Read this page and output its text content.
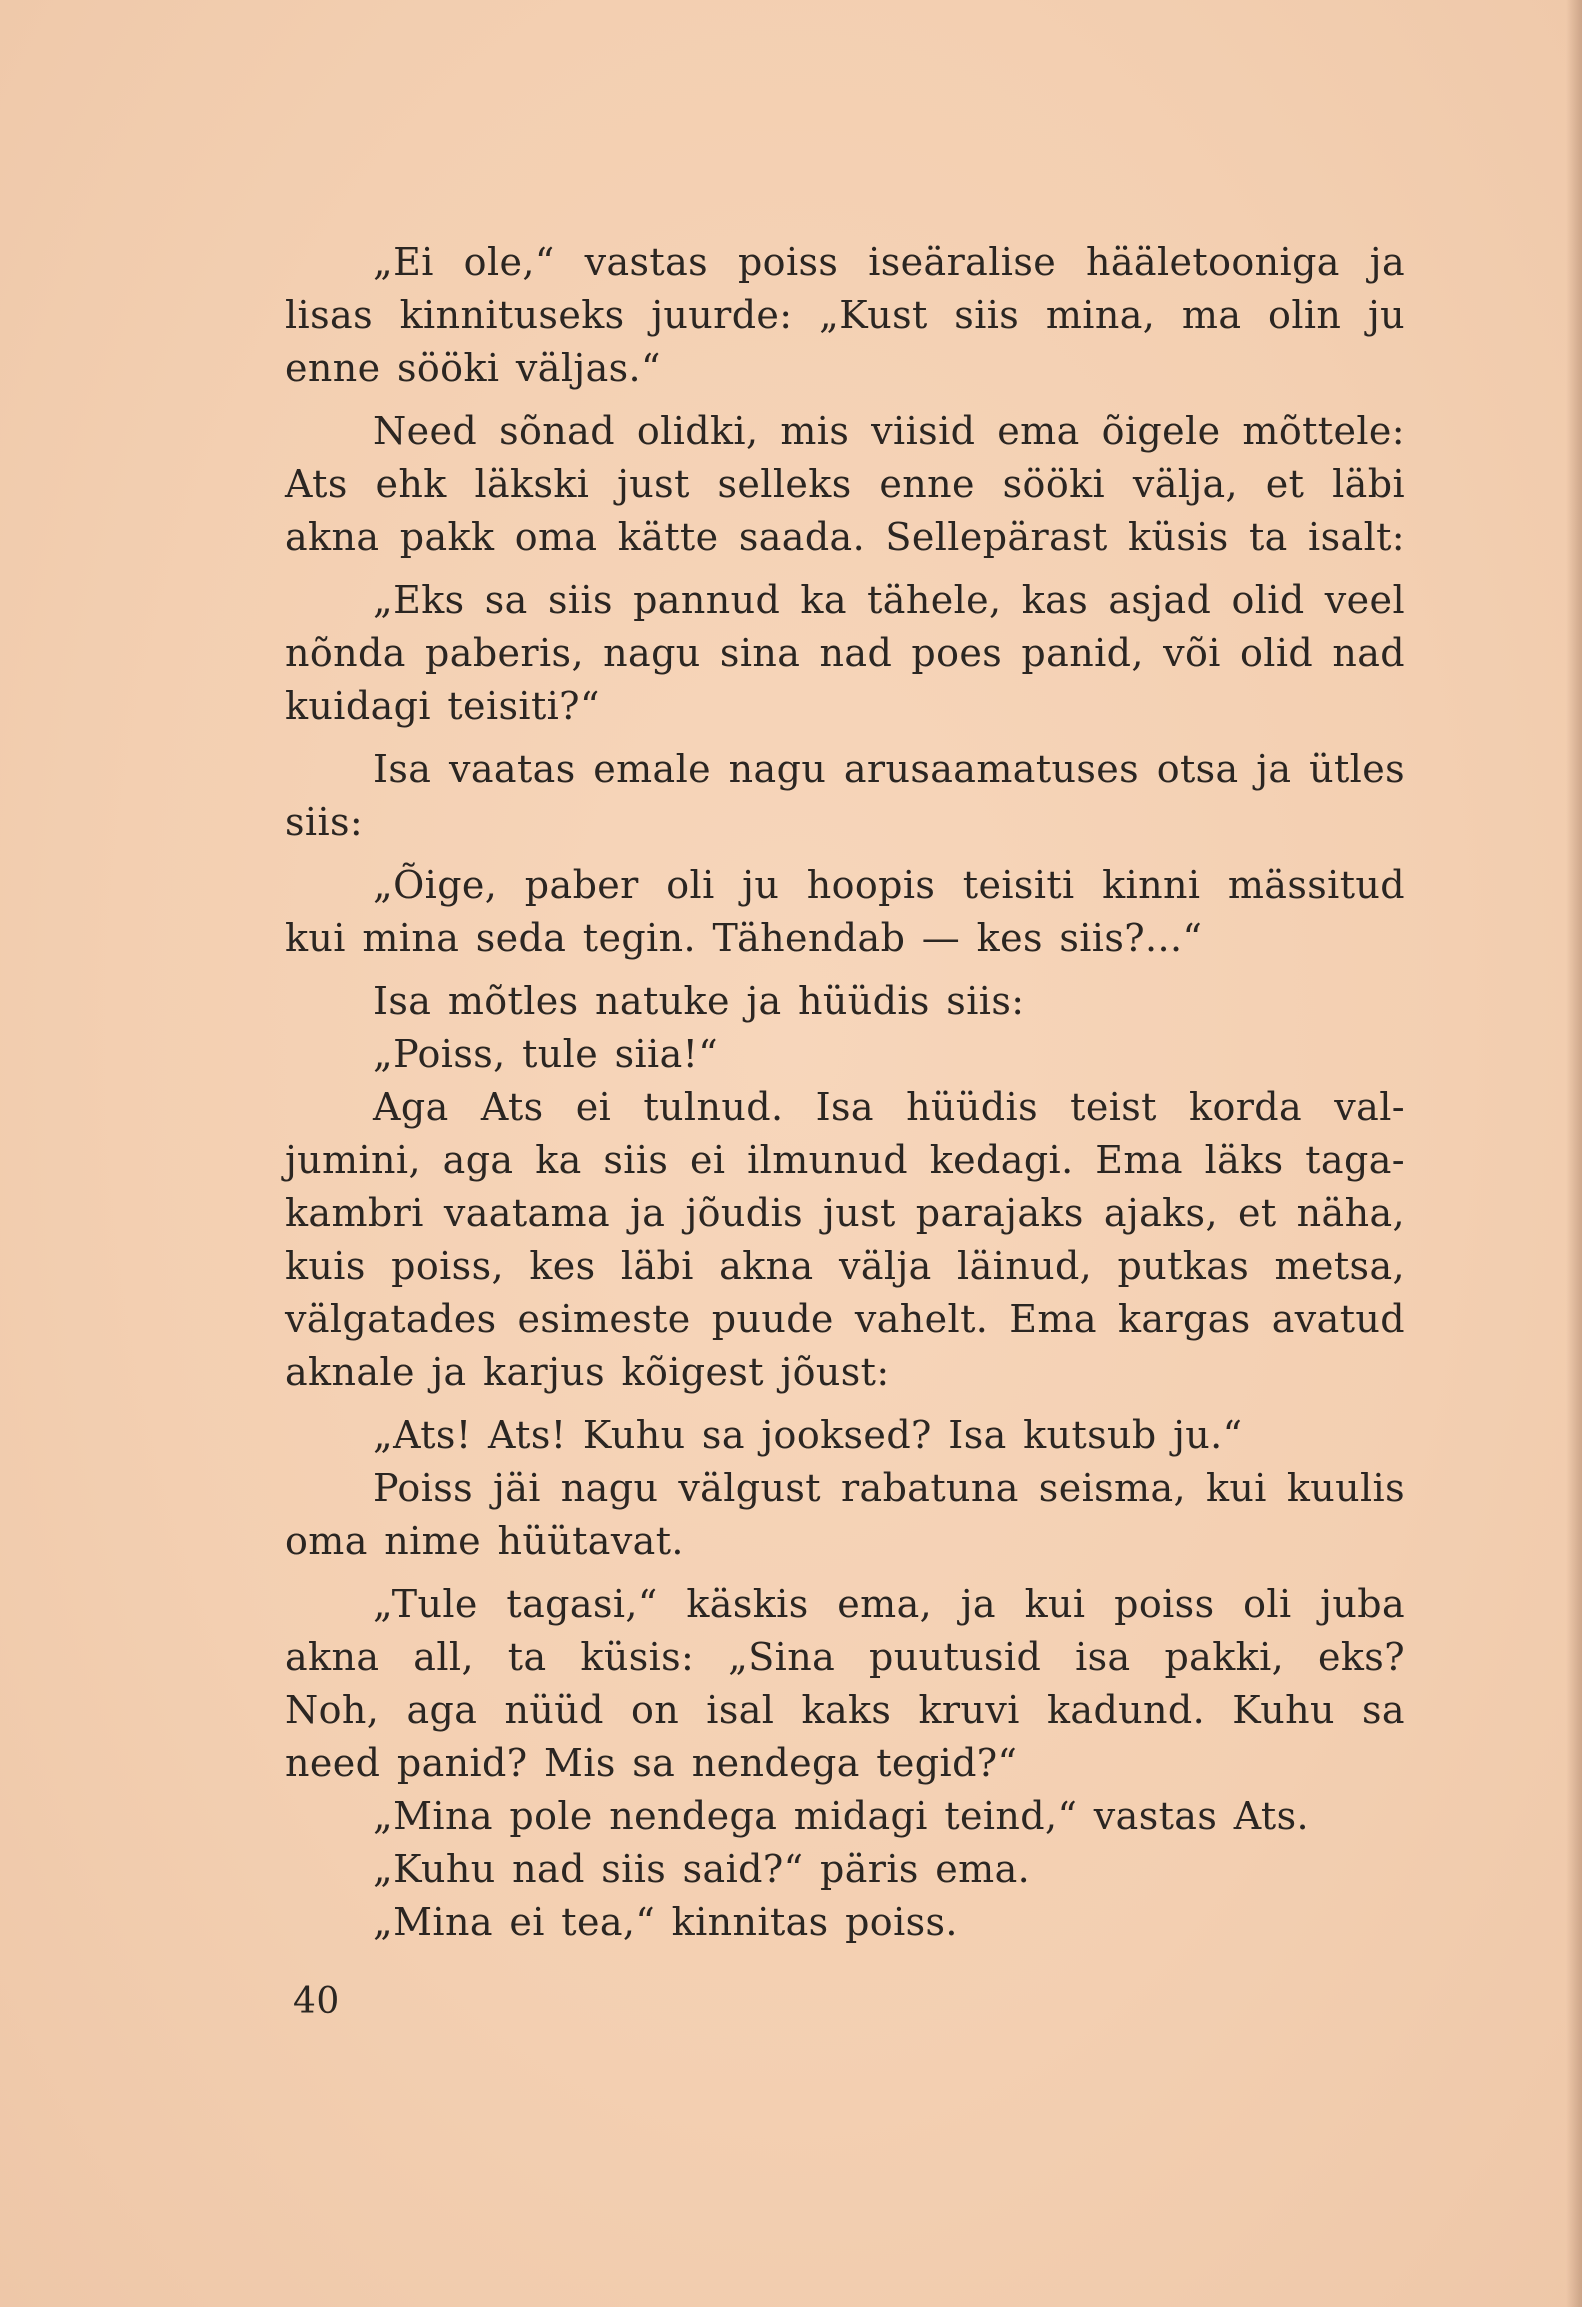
„Ei ole,“ vastas poiss iseäralise hääletooniga ja
lisas kinnituseks juurde: „Kust siis mina, ma olin ju
enne sööki väljas.“
Need sõnad olidki, mis viisid ema õigele mõttele:
Ats ehk läkski just selleks enne sööki välja, et läbi
akna pakk oma kätte saada. Sellepärast küsis ta isalt:
„Eks sa siis pannud ka tähele, kas asjad olid veel
nõnda paberis, nagu sina nad poes panid, või olid nad
kuidagi teisiti?“
Isa vaatas emale nagu arusaamatuses otsa ja ütles
siis:
„Õige, paber oli ju hoopis teisiti kinni mässitud
kui mina seda tegin. Tähendab — kes siis?...“
Isa mõtles natuke ja hüüdis siis:
„Poiss, tule siia!“
Aga Ats ei tulnud. Isa hüüdis teist korda val-
jumini, aga ka siis ei ilmunud kedagi. Ema läks taga-
kambri vaatama ja jõudis just parajaks ajaks, et näha,
kuis poiss, kes läbi akna välja läinud, putkas metsa,
välgatades esimeste puude vahelt. Ema kargas avatud
aknale ja karjus kõigest jõust:
„Ats! Ats! Kuhu sa jooksed? Isa kutsub ju.“
Poiss jäi nagu välgust rabatuna seisma, kui kuulis
oma nime hüütavat.
„Tule tagasi,“ käskis ema, ja kui poiss oli juba
akna all, ta küsis: „Sina puutusid isa pakki, eks?
Noh, aga nüüd on isal kaks kruvi kadund. Kuhu sa
need panid? Mis sa nendega tegid?“
„Mina pole nendega midagi teind,“ vastas Ats.
„Kuhu nad siis said?“ päris ema.
„Mina ei tea,“ kinnitas poiss.
40
